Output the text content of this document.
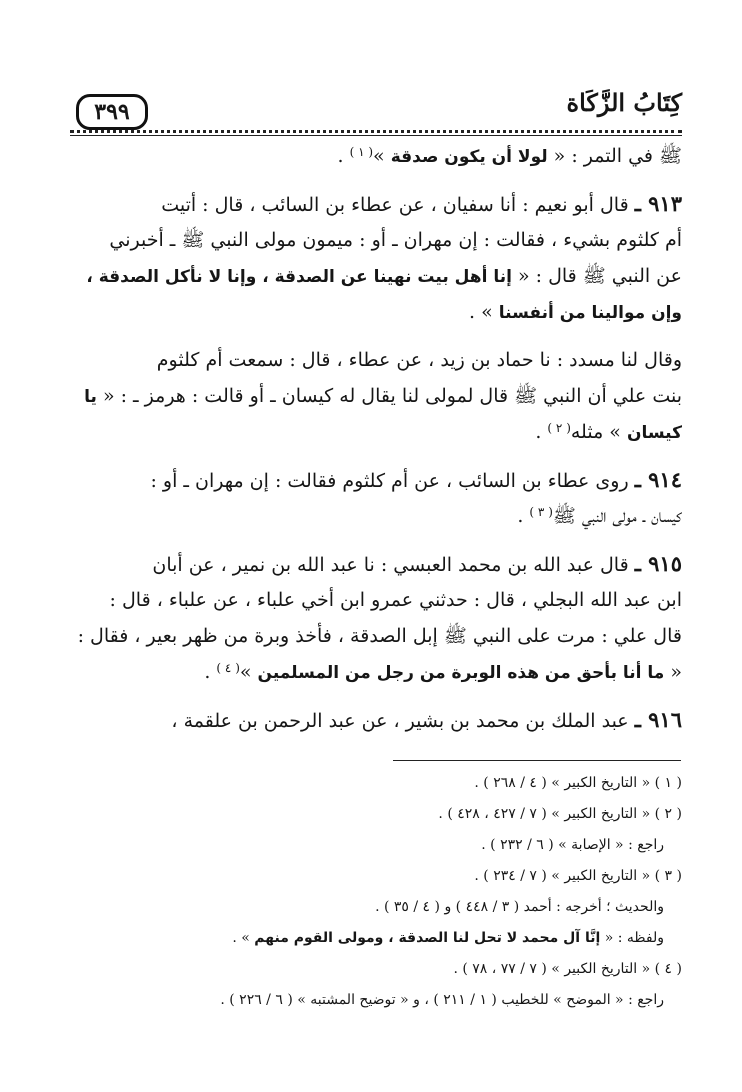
كِتَابُ الزَّكَاة
٣٩٩
ﷺ في التمر : « لولا أن يكون صدقة »$^{( ١ )}$ .
٩١٣ ـ قال أبو نعيم : أنا سفيان ، عن عطاء بن السائب ، قال : أتيت
أم كلثوم بشيء ، فقالت : إن مهران ـ أو : ميمون مولى النبي ﷺ ـ أخبرني
عن النبي ﷺ قال : « إنا أهل بيت نهينا عن الصدقة ، وإنا لا نأكل الصدقة ،
وإن موالينا من أنفسنا » .
وقال لنا مسدد : نا حماد بن زيد ، عن عطاء ، قال : سمعت أم كلثوم
بنت علي أن النبي ﷺ قال لمولى لنا يقال له كيسان ـ أو قالت : هرمز ـ : « يا
كيسان » مثله$^{( ٢ )}$ .
٩١٤ ـ روى عطاء بن السائب ، عن أم كلثوم فقالت : إن مهران ـ أو :
كيسان ـ مولى النبي ﷺ$^{( ٣ )}$ .
٩١٥ ـ قال عبد الله بن محمد العبسي : نا عبد الله بن نمير ، عن أبان
ابن عبد الله البجلي ، قال : حدثني عمرو ابن أخي علباء ، عن علباء ، قال :
قال علي : مرت على النبي ﷺ إبل الصدقة ، فأخذ وبرة من ظهر بعير ، فقال :
« ما أنا بأحق من هذه الوبرة من رجل من المسلمين »$^{( ٤ )}$ .
٩١٦ ـ عبد الملك بن محمد بن بشير ، عن عبد الرحمن بن علقمة ،
( ١ ) « التاريخ الكبير » ( ٤ / ٢٦٨ ) .
( ٢ ) « التاريخ الكبير » ( ٧ / ٤٢٧ ، ٤٢٨ ) .
راجع : « الإصابة » ( ٦ / ٢٣٢ ) .
( ٣ ) « التاريخ الكبير » ( ٧ / ٢٣٤ ) .
والحديث ؛ أخرجه : أحمد ( ٣ / ٤٤٨ ) و ( ٤ / ٣٥ ) .
ولفظه : « إنَّا آل محمد لا تحل لنا الصدقة ، ومولى القوم منهم » .
( ٤ ) « التاريخ الكبير » ( ٧ / ٧٧ ، ٧٨ ) .
راجع : « الموضح » للخطيب ( ١ / ٢١١ ) ، و « توضيح المشتبه » ( ٦ / ٢٢٦ ) .
